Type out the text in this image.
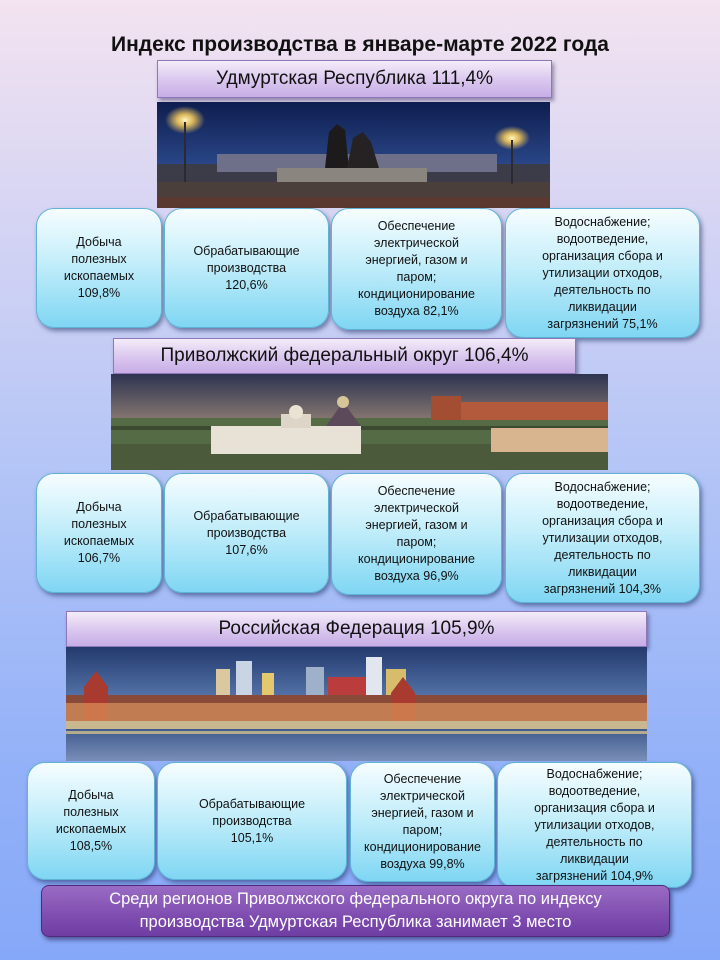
Индекс производства в январе-марте 2022 года
Удмуртская Республика 111,4%
Добыча
полезных
ископаемых
109,8%
Обрабатывающие
производства
120,6%
Обеспечение
электрической
энергией, газом и
паром;
кондиционирование
воздуха 82,1%
Водоснабжение;
водоотведение,
организация сбора и
утилизации отходов,
деятельность по
ликвидации
загрязнений 75,1%
Приволжский федеральный округ 106,4%
Добыча
полезных
ископаемых
106,7%
Обрабатывающие
производства
107,6%
Обеспечение
электрической
энергией, газом и
паром;
кондиционирование
воздуха 96,9%
Водоснабжение;
водоотведение,
организация сбора и
утилизации отходов,
деятельность по
ликвидации
загрязнений 104,3%
Российская Федерация 105,9%
Добыча
полезных
ископаемых
108,5%
Обрабатывающие
производства
105,1%
Обеспечение
электрической
энергией, газом и
паром;
кондиционирование
воздуха 99,8%
Водоснабжение;
водоотведение,
организация сбора и
утилизации отходов,
деятельность по
ликвидации
загрязнений 104,9%
Среди регионов Приволжского федерального округа по индексу
производства Удмуртская Республика занимает 3 место
